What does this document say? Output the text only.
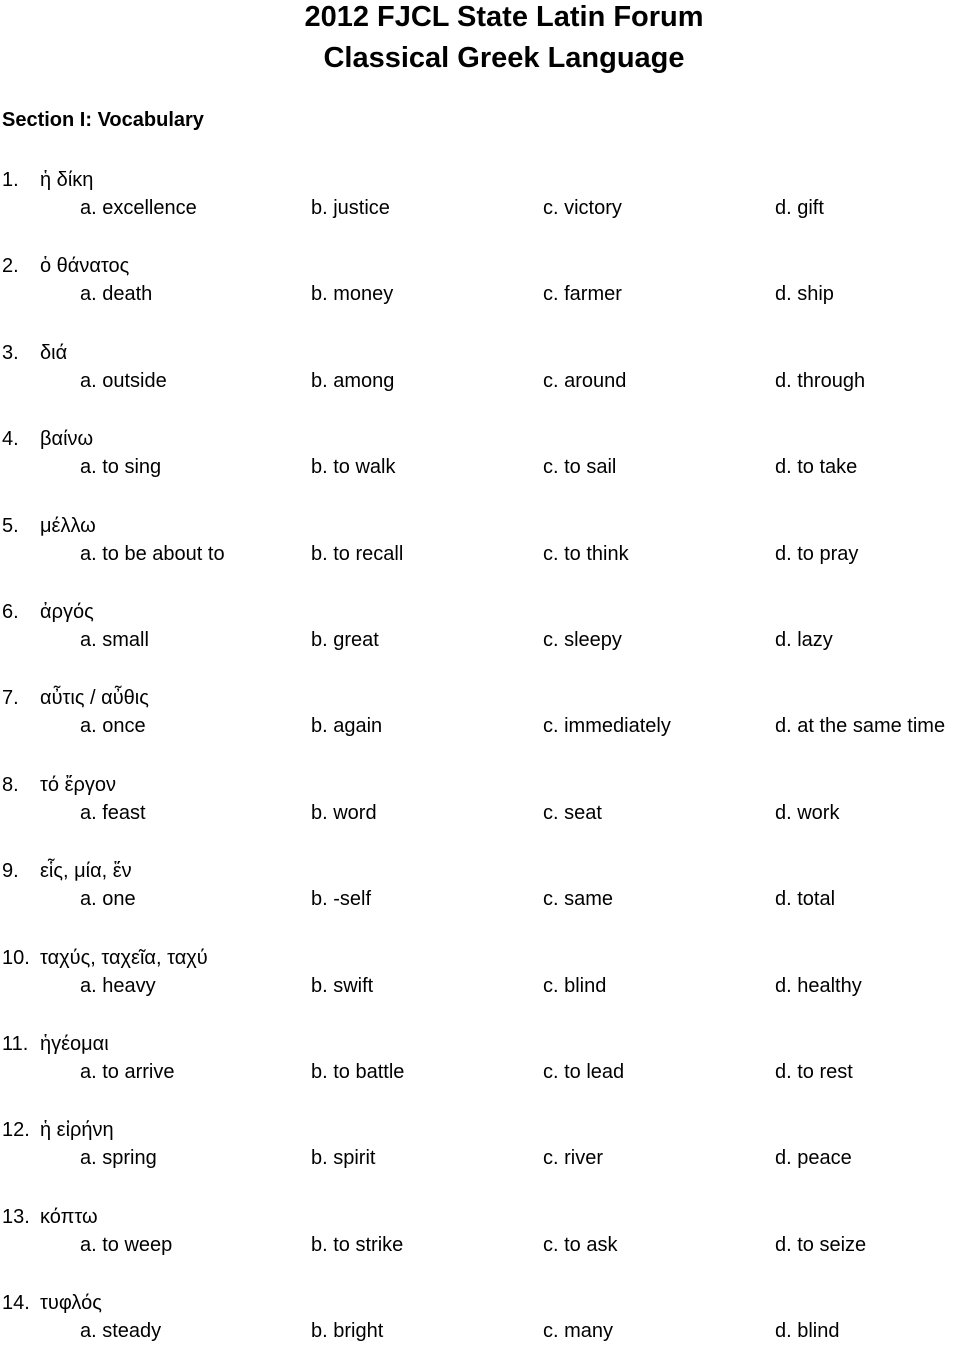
2012 FJCL State Latin Forum
Classical Greek Language
Section I: Vocabulary
1. ἡ δίκη
a. excellence	b. justice	c. victory	d. gift
2. ὁ θάνατος
a. death	b. money	c. farmer	d. ship
3. διά
a. outside	b. among	c. around	d. through
4. βαίνω
a. to sing	b. to walk	c. to sail	d. to take
5. μέλλω
a. to be about to	b. to recall	c. to think	d. to pray
6. ἀργός
a. small	b. great	c. sleepy	d. lazy
7. αὖτις / αὖθις
a. once	b. again	c. immediately	d. at the same time
8. τό ἔργον
a. feast	b. word	c. seat	d. work
9. εἷς, μία, ἕν
a. one	b. -self	c. same	d. total
10. ταχύς, ταχεῖα, ταχύ
a. heavy	b. swift	c. blind	d. healthy
11. ἡγέομαι
a. to arrive	b. to battle	c. to lead	d. to rest
12. ἡ εἰρήνη
a. spring	b. spirit	c. river	d. peace
13. κόπτω
a. to weep	b. to strike	c. to ask	d. to seize
14. τυφλός
a. steady	b. bright	c. many	d. blind
